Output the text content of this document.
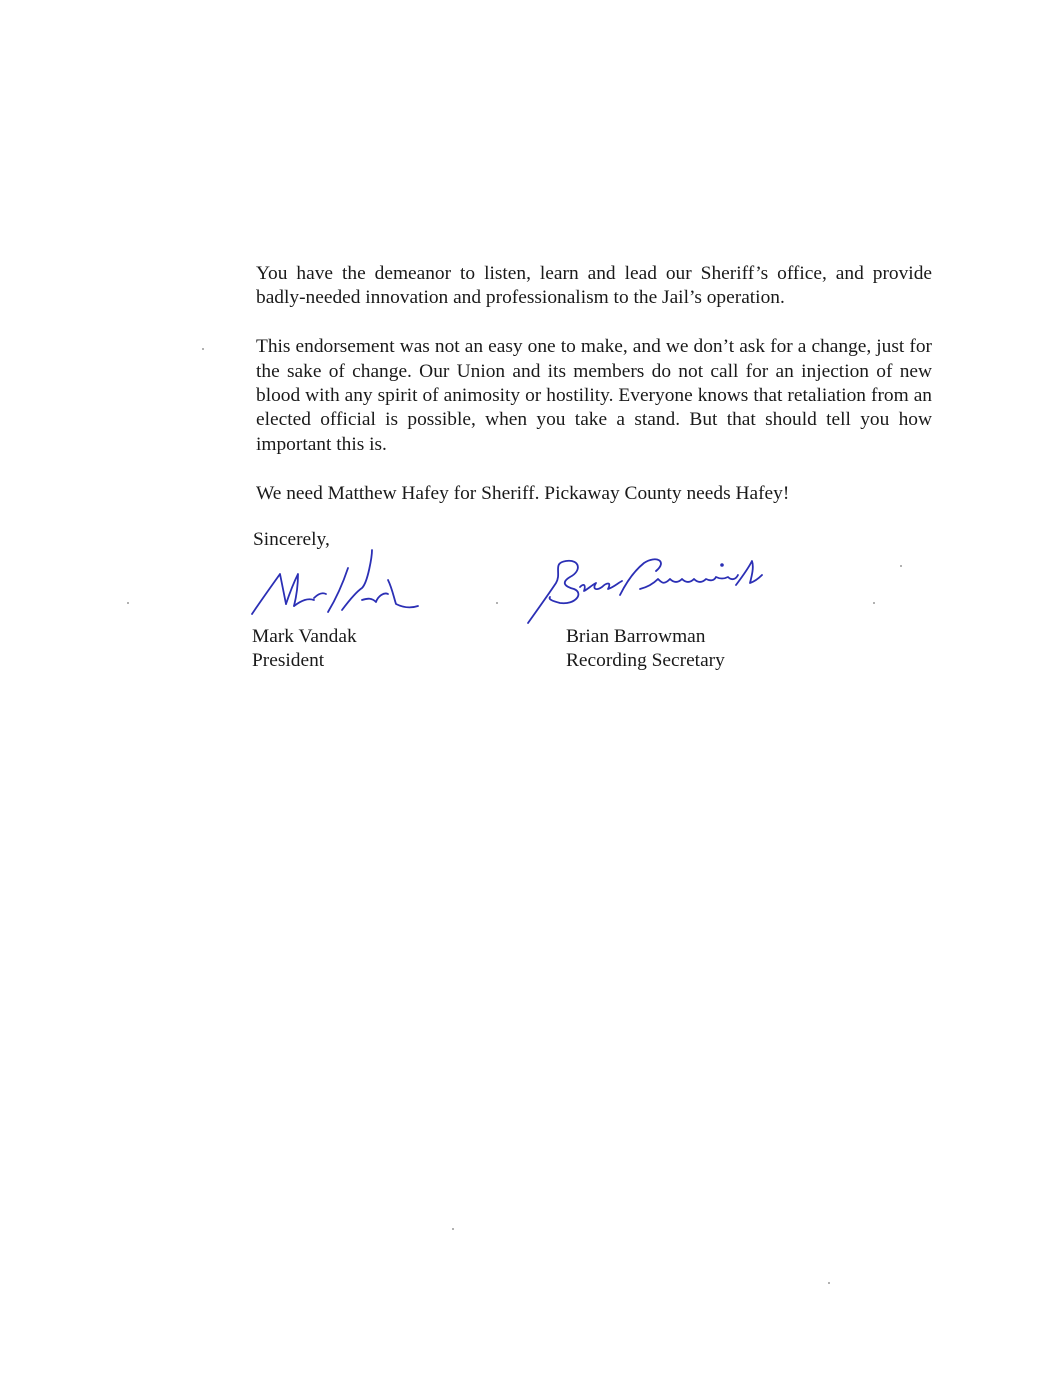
You have the demeanor to listen, learn and lead our Sheriff’s office, and provide badly-needed innovation and professionalism to the Jail’s operation.

This endorsement was not an easy one to make, and we don’t ask for a change, just for the sake of change. Our Union and its members do not call for an injection of new blood with any spirit of animosity or hostility. Everyone knows that retaliation from an elected official is possible, when you take a stand. But that should tell you how important this is.

We need Matthew Hafey for Sheriff. Pickaway County needs Hafey!

Sincerely,
Mark Vandak
President
Brian Barrowman
Recording Secretary
